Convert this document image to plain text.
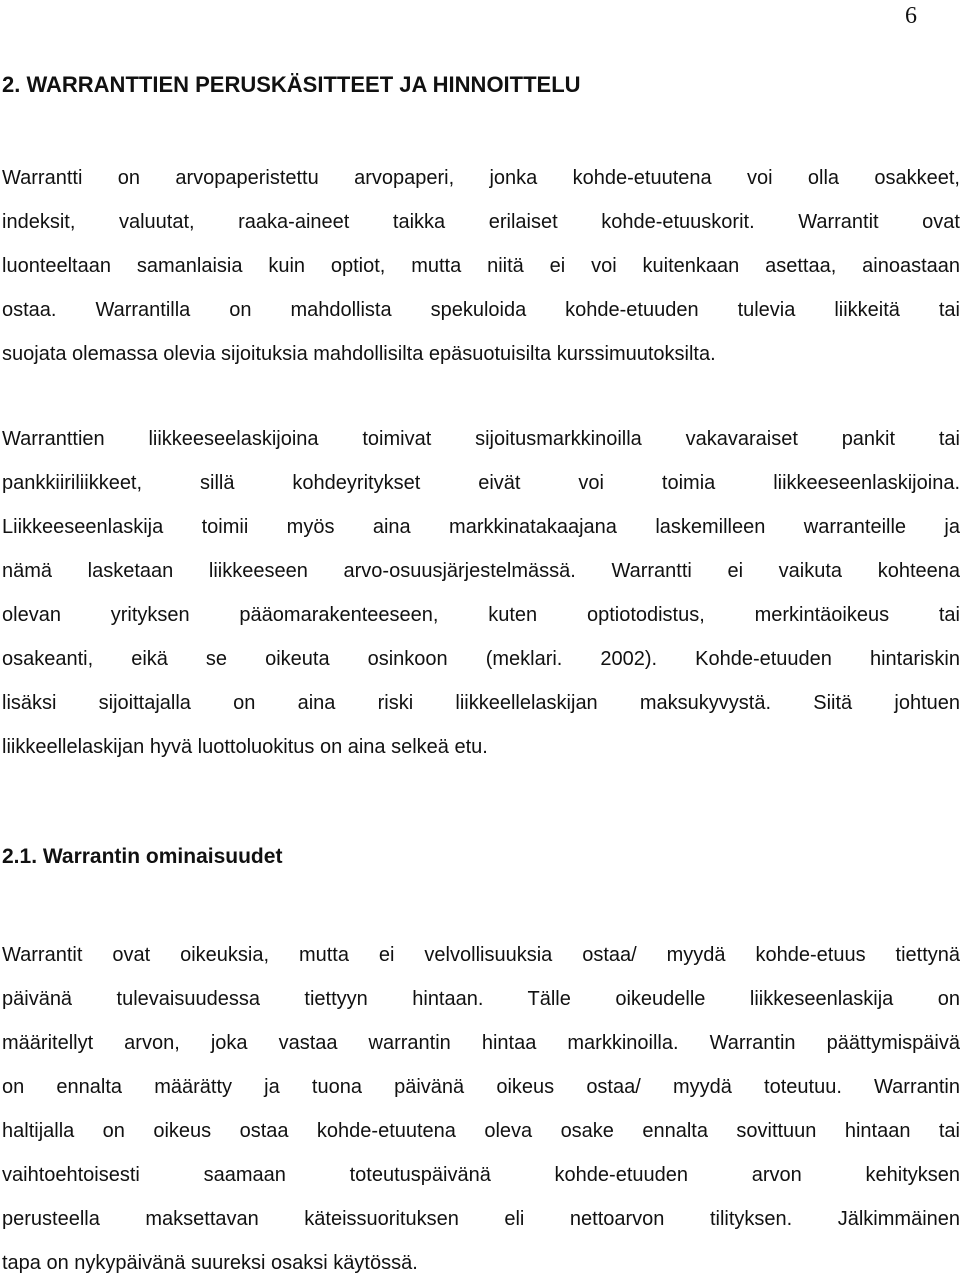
6
2. WARRANTTIEN PERUSKÄSITTEET JA HINNOITTELU
Warrantti on arvopaperistettu arvopaperi, jonka kohde-etuutena voi olla osakkeet,
indeksit, valuutat, raaka-aineet taikka erilaiset kohde-etuuskorit. Warrantit ovat
luonteeltaan samanlaisia kuin optiot, mutta niitä ei voi kuitenkaan asettaa, ainoastaan
ostaa. Warrantilla on mahdollista spekuloida kohde-etuuden tulevia liikkeitä tai
suojata olemassa olevia sijoituksia mahdollisilta epäsuotuisilta kurssimuutoksilta.
Warranttien liikkeeseelaskijoina toimivat sijoitusmarkkinoilla vakavaraiset pankit tai
pankkiiriliikkeet, sillä kohdeyritykset eivät voi toimia liikkeeseenlaskijoina.
Liikkeeseenlaskija toimii myös aina markkinatakaajana laskemilleen warranteille ja
nämä lasketaan liikkeeseen arvo-osuusjärjestelmässä. Warrantti ei vaikuta kohteena
olevan yrityksen pääomarakenteeseen, kuten optiotodistus, merkintäoikeus tai
osakeanti, eikä se oikeuta osinkoon (meklari. 2002). Kohde-etuuden hintariskin
lisäksi sijoittajalla on aina riski liikkeellelaskijan maksukyvystä. Siitä johtuen
liikkeellelaskijan hyvä luottoluokitus on aina selkeä etu.
2.1. Warrantin ominaisuudet
Warrantit ovat oikeuksia, mutta ei velvollisuuksia ostaa/ myydä kohde-etuus tiettynä
päivänä tulevaisuudessa tiettyyn hintaan. Tälle oikeudelle liikkeseenlaskija on
määritellyt arvon, joka vastaa warrantin hintaa markkinoilla. Warrantin päättymispäivä
on ennalta määrätty ja tuona päivänä oikeus ostaa/ myydä toteutuu. Warrantin
haltijalla on oikeus ostaa kohde-etuutena oleva osake ennalta sovittuun hintaan tai
vaihtoehtoisesti saamaan toteutuspäivänä kohde-etuuden arvon kehityksen
perusteella maksettavan käteissuorituksen eli nettoarvon tilityksen. Jälkimmäinen
tapa on nykypäivänä suureksi osaksi käytössä.
